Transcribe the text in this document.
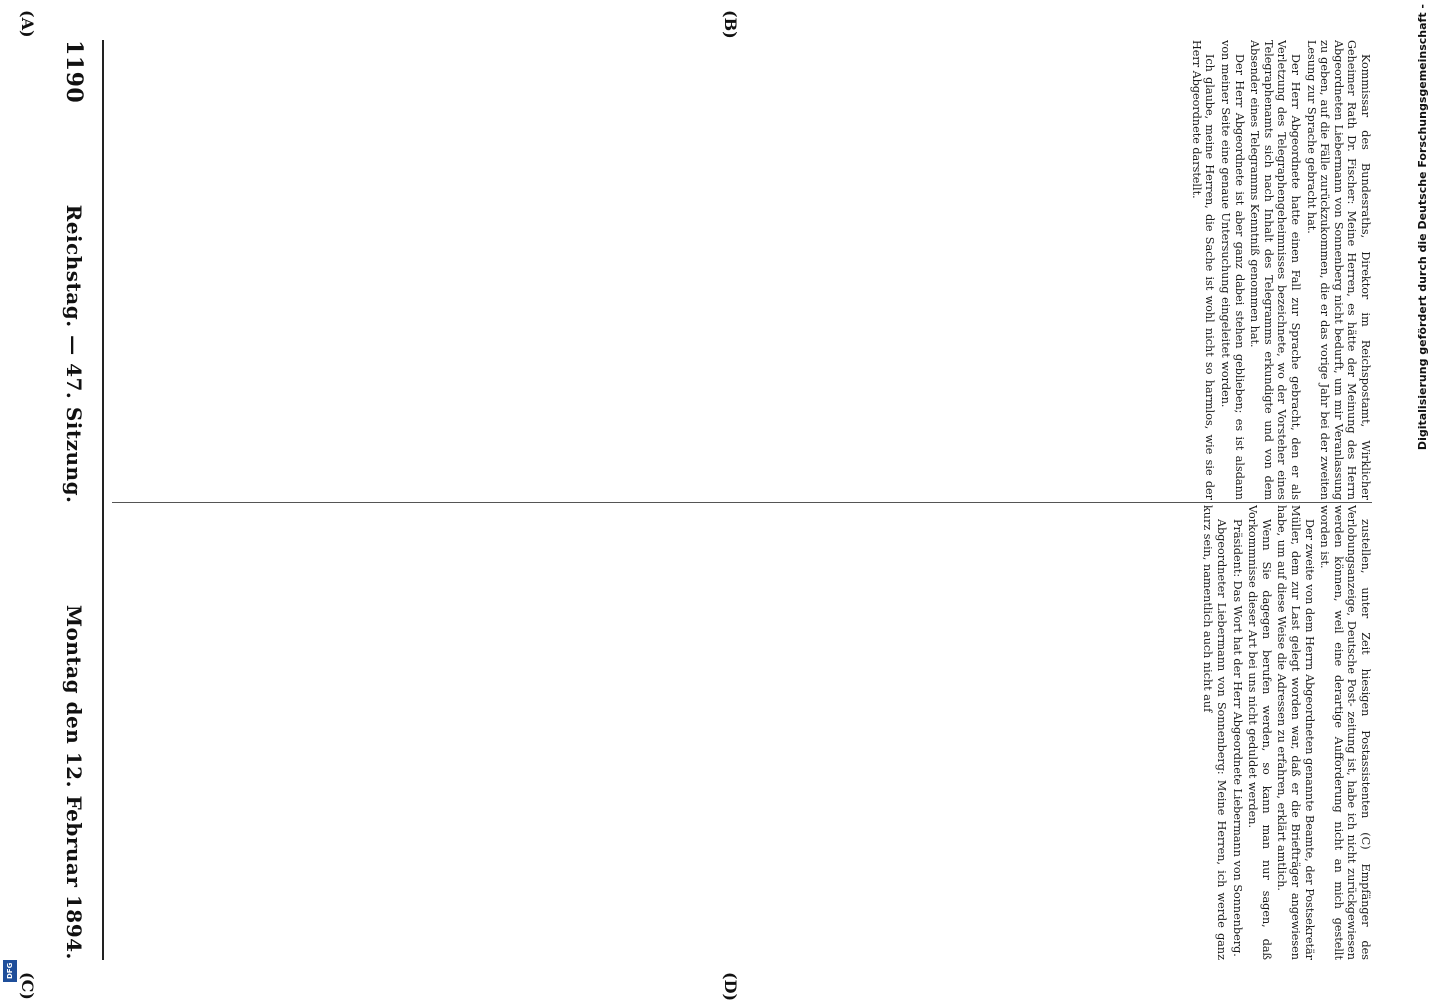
(A)	(B)
(C)	(D)

Kommissar des Bundesraths, Direktor im Reichspostamt, Wirklicher Geheimer Rath Dr. Fischer: Meine Herren, es hätte der Meinung des Herrn Abgeordneten Liebermann von Sonnenberg nicht bedurft, um mir Veranlassung zu geben, auf die Fälle zurückzukommen, die er das vorige Jahr bei der zweiten Lesung zur Sprache gebracht hat.

Der Herr Abgeordnete hatte einen Fall zur Sprache gebracht, den er als Verletzung des Telegraphengeheimnisses bezeichnete, wo der Vorsteher eines Telegraphenamts sich nach Inhalt des Telegramms erkundigte und von dem Absender eines Telegramms Kenntniß genommen hat.

Der Herr Abgeordnete ist aber ganz dabei stehen geblieben; es ist alsdann von meiner Seite eine genaue Untersuchung eingeleitet worden.

Ich glaube, meine Herren, die Sache ist wohl nicht so harmlos, wie sie der Herr Abgeordnete darstellt.

zustellen, unter Zeit hiesigen Postassistenten (C) Empfänger des Verlobungsanzeige, Deutsche Post- zeitung ist, habe ich nicht zurückgewiesen werden können, weil eine derartige Aufforderung nicht an mich gestellt worden ist.

Der zweite von dem Herrn Abgeordneten genannte Beamte, der Postsekretär Müller, dem zur Last gelegt worden war, daß er die Briefträger angewiesen habe, um auf diese Weise die Adressen zu erfahren, erklärt amtlich.

Wenn Sie dagegen berufen werden, so kann man nur sagen, daß Vorkommnisse dieser Art bei uns nicht geduldet werden.

Präsident: Das Wort hat der Herr Abgeordnete Liebermann von Sonnenberg.

Abgeordneter Liebermann von Sonnenberg: Meine Herren, ich werde ganz kurz sein, namentlich auch nicht auf

1190
Reichstag. — 47. Sitzung.
Montag den 12. Februar 1894.
Digitalisierung gefördert durch die Deutsche Forschungsgemeinschaft -
DFG
